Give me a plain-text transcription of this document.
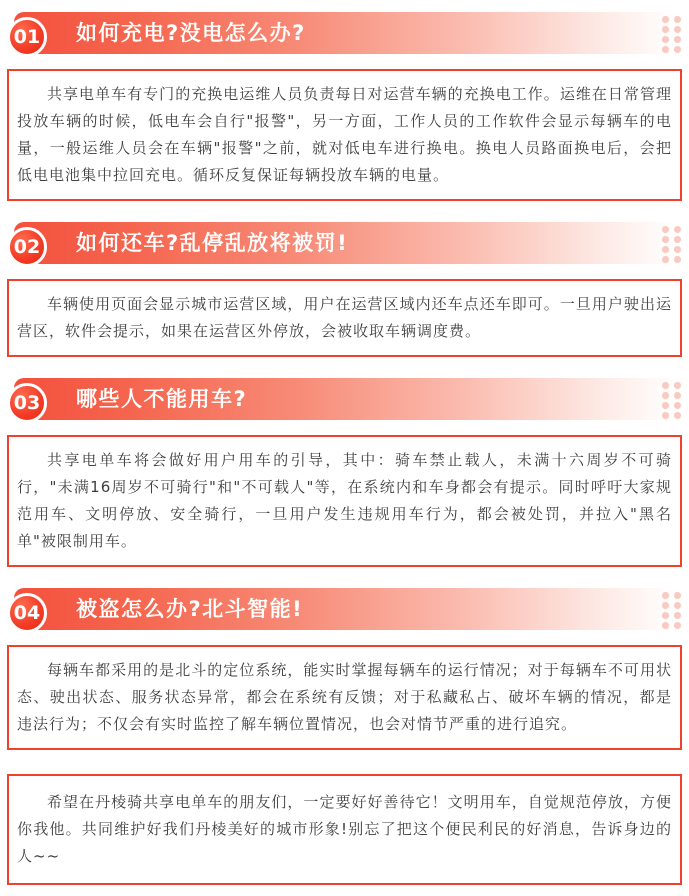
如何充电?没电怎么办?
01

共享电单车有专门的充换电运维人员负责每日对运营车辆的充换电工作。运维在日常管理投放车辆的时候，低电车会自行"报警"，另一方面，工作人员的工作软件会显示每辆车的电量，一般运维人员会在车辆"报警"之前，就对低电车进行换电。换电人员路面换电后，会把低电电池集中拉回充电。循环反复保证每辆投放车辆的电量。

如何还车?乱停乱放将被罚!
02

车辆使用页面会显示城市运营区域，用户在运营区域内还车点还车即可。一旦用户驶出运营区，软件会提示，如果在运营区外停放，会被收取车辆调度费。

哪些人不能用车?
03

共享电单车将会做好用户用车的引导，其中：骑车禁止载人，未满十六周岁不可骑行，"未满16周岁不可骑行"和"不可载人"等，在系统内和车身都会有提示。同时呼吁大家规范用车、文明停放、安全骑行，一旦用户发生违规用车行为，都会被处罚，并拉入"黑名单"被限制用车。

被盗怎么办?北斗智能!
04

每辆车都采用的是北斗的定位系统，能实时掌握每辆车的运行情况；对于每辆车不可用状态、驶出状态、服务状态异常，都会在系统有反馈；对于私藏私占、破坏车辆的情况，都是违法行为；不仅会有实时监控了解车辆位置情况，也会对情节严重的进行追究。

希望在丹棱骑共享电单车的朋友们，一定要好好善待它！文明用车，自觉规范停放，方便你我他。共同维护好我们丹棱美好的城市形象!别忘了把这个便民利民的好消息，告诉身边的人~~
